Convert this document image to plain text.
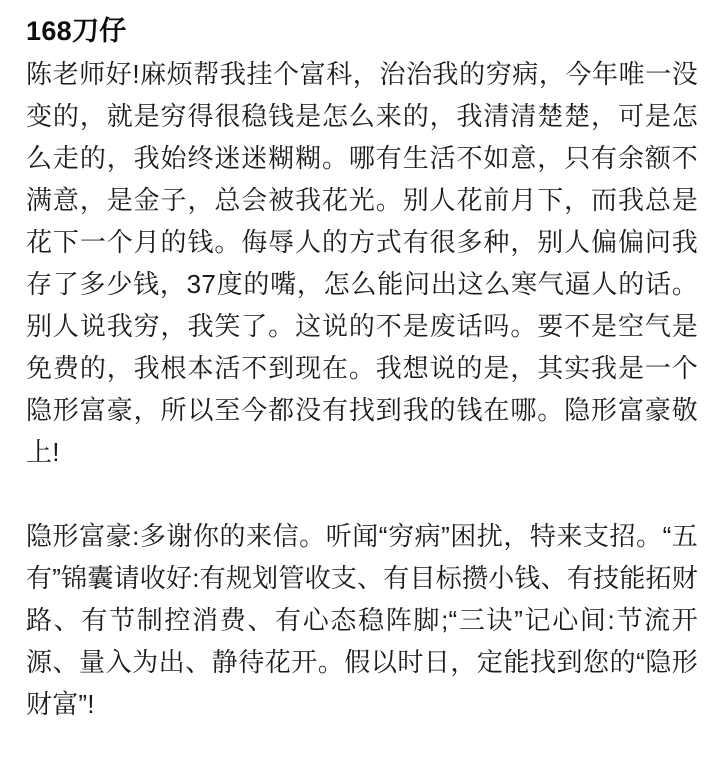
168刀仔

陈老师好!麻烦帮我挂个富科，治治我的穷病，今年唯一没变的，就是穷得很稳钱是怎么来的，我清清楚楚，可是怎么走的，我始终迷迷糊糊。哪有生活不如意，只有余额不满意，是金子，总会被我花光。别人花前月下，而我总是花下一个月的钱。侮辱人的方式有很多种，别人偏偏问我存了多少钱，37度的嘴，怎么能问出这么寒气逼人的话。别人说我穷，我笑了。这说的不是废话吗。要不是空气是免费的，我根本活不到现在。我想说的是，其实我是一个隐形富豪，所以至今都没有找到我的钱在哪。隐形富豪敬上!

隐形富豪:多谢你的来信。听闻“穷病”困扰，特来支招。“五有”锦囊请收好:有规划管收支、有目标攒小钱、有技能拓财路、有节制控消费、有心态稳阵脚;“三诀”记心间:节流开源、量入为出、静待花开。假以时日，定能找到您的“隐形财富”!
